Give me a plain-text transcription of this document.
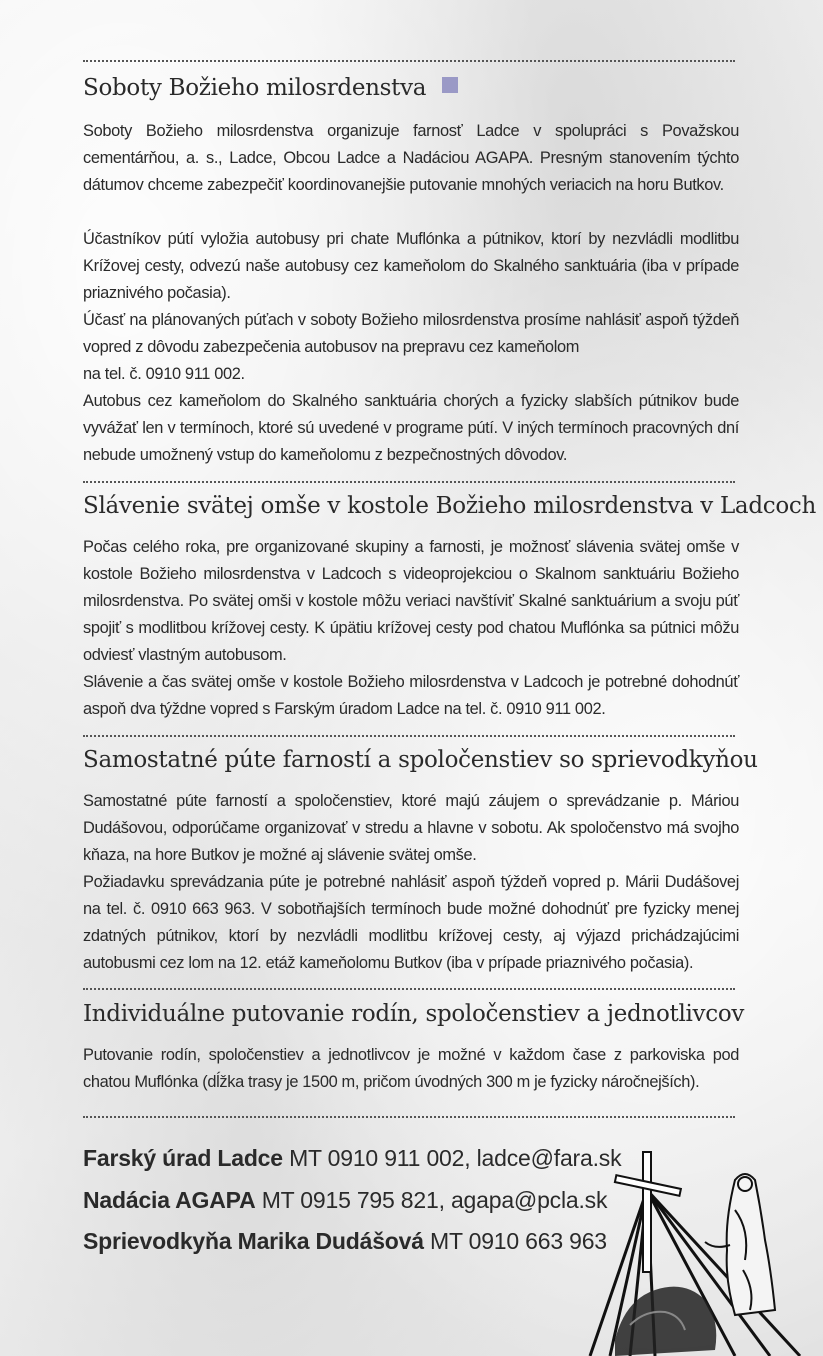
Soboty Božieho milosrdenstva

Soboty Božieho milosrdenstva organizuje farnosť Ladce v spolupráci s Považskou cementárňou, a. s., Ladce, Obcou Ladce a Nadáciou AGAPA. Presným stanovením týchto dátumov chceme zabezpečiť koordinovanejšie putovanie mnohých veriacich na horu Butkov.

Účastníkov pútí vyložia autobusy pri chate Muflónka a pútnikov, ktorí by nezvládli modlitbu Krížovej cesty, odvezú naše autobusy cez kameňolom do Skalného sanktuária (iba v prípade priaznivého počasia).

Účasť na plánovaných púťach v soboty Božieho milosrdenstva prosíme nahlásiť aspoň týždeň vopred z dôvodu zabezpečenia autobusov na prepravu cez kameňolom

na tel. č. 0910 911 002.

Autobus cez kameňolom do Skalného sanktuária chorých a fyzicky slabších pútnikov bude vyvážať len v termínoch, ktoré sú uvedené v programe pútí. V iných termínoch pracovných dní nebude umožnený vstup do kameňolomu z bezpečnostných dôvodov.

Slávenie svätej omše v kostole Božieho milosrdenstva v Ladcoch

Počas celého roka, pre organizované skupiny a farnosti, je možnosť slávenia svätej omše v kostole Božieho milosrdenstva v Ladcoch s videoprojekciou o Skalnom sanktuáriu Božieho milosrdenstva. Po svätej omši v kostole môžu veriaci navštíviť Skalné sanktuárium a svoju púť spojiť s modlitbou krížovej cesty. K úpätiu krížovej cesty pod chatou Muflónka sa pútnici môžu odviesť vlastným autobusom.

Slávenie a čas svätej omše v kostole Božieho milosrdenstva v Ladcoch je potrebné dohodnúť aspoň dva týždne vopred s Farským úradom Ladce na tel. č. 0910 911 002.

Samostatné púte farností a spoločenstiev so sprievodkyňou

Samostatné púte farností a spoločenstiev, ktoré majú záujem o sprevádzanie p. Máriou Dudášovou, odporúčame organizovať v stredu a hlavne v sobotu. Ak spoločenstvo má svojho kňaza, na hore Butkov je možné aj slávenie svätej omše.

Požiadavku sprevádzania púte je potrebné nahlásiť aspoň týždeň vopred p. Márii Dudášovej na tel. č. 0910 663 963. V sobotňajších termínoch bude možné dohodnúť pre fyzicky menej zdatných pútnikov, ktorí by nezvládli modlitbu krížovej cesty, aj výjazd prichádzajúcimi autobusmi cez lom na 12. etáž kameňolomu Butkov (iba v prípade priaznivého počasia).

Individuálne putovanie rodín, spoločenstiev a jednotlivcov

Putovanie rodín, spoločenstiev a jednotlivcov je možné v každom čase z parkoviska pod chatou Muflónka (dĺžka trasy je 1500 m, pričom úvodných 300 m je fyzicky náročnejších).

Farský úrad Ladce MT 0910 911 002, ladce@fara.sk
Nadácia AGAPA MT 0915 795 821, agapa@pcla.sk
Sprievodkyňa Marika Dudášová MT 0910 663 963
